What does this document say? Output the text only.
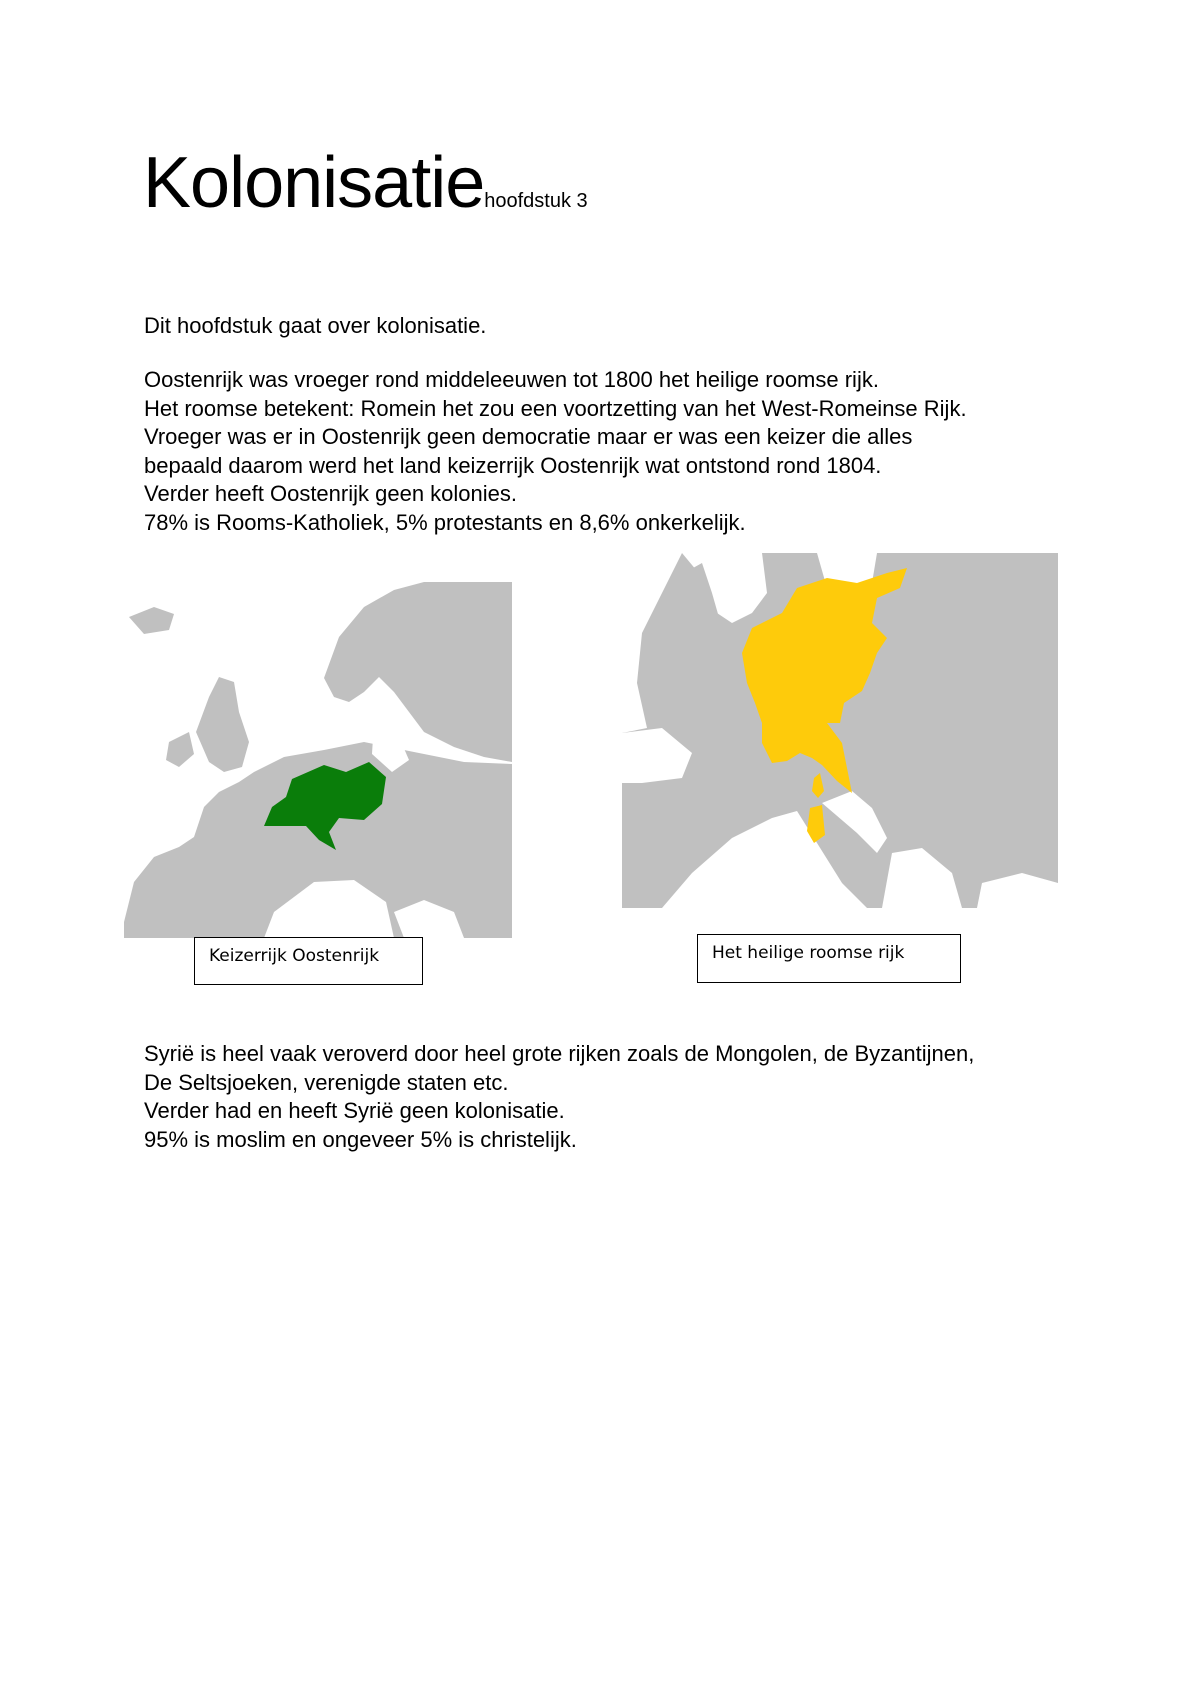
Kolonisatiehoofdstuk 3
Dit hoofdstuk gaat over kolonisatie.
Oostenrijk was vroeger rond middeleeuwen tot 1800 het heilige roomse rijk.
Het roomse betekent: Romein het zou een voortzetting van het West-Romeinse Rijk.
Vroeger was er in Oostenrijk geen democratie maar er was een keizer die alles
bepaald daarom werd het land keizerrijk Oostenrijk wat ontstond rond 1804.
Verder heeft Oostenrijk geen kolonies.
78% is Rooms-Katholiek, 5% protestants en 8,6% onkerkelijk.
Keizerrijk Oostenrijk	Het heilige roomse rijk
Syrië is heel vaak veroverd door heel grote rijken zoals de Mongolen, de Byzantijnen,
De Seltsjoeken, verenigde staten etc.
Verder had en heeft Syrië geen kolonisatie.
95% is moslim en ongeveer 5% is christelijk.
